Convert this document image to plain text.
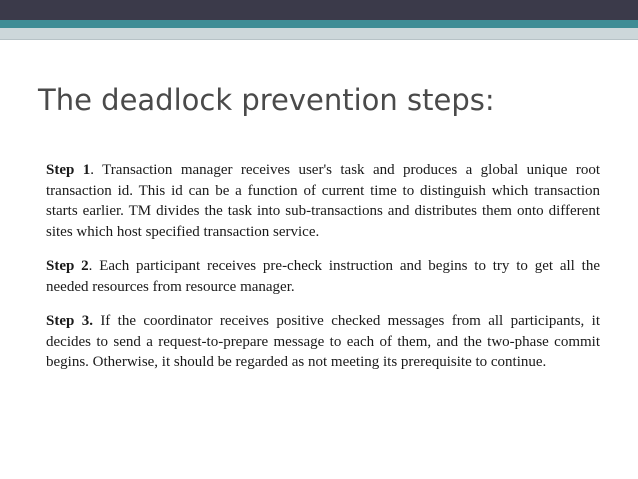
The deadlock prevention steps:

Step 1. Transaction manager receives user's task and produces a global unique root transaction id. This id can be a function of current time to distinguish which transaction starts earlier. TM divides the task into sub-transactions and distributes them onto different sites which host specified transaction service.

Step 2. Each participant receives pre-check instruction and begins to try to get all the needed resources from resource manager.

Step 3. If the coordinator receives positive checked messages from all participants, it decides to send a request-to-prepare message to each of them, and the two-phase commit begins. Otherwise, it should be regarded as not meeting its prerequisite to continue.
